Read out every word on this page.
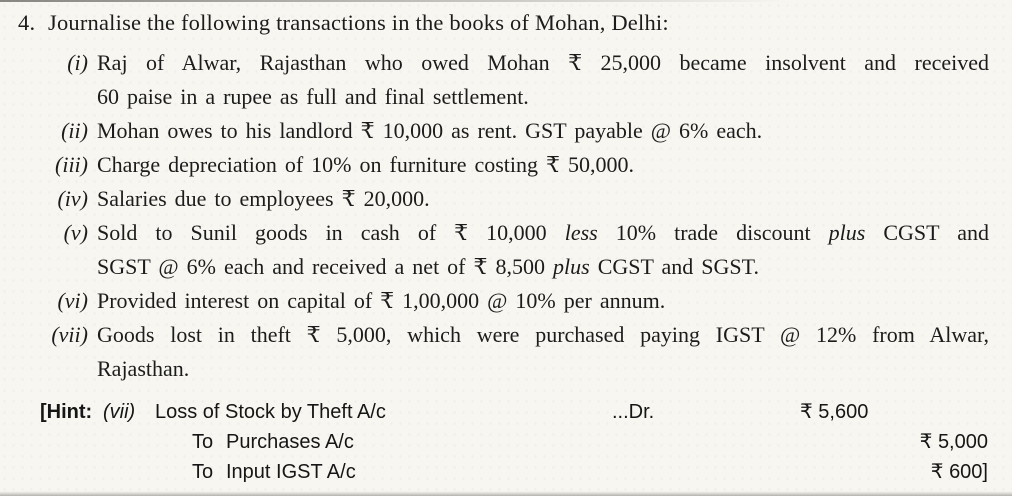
4. Journalise the following transactions in the books of Mohan, Delhi:
(i) Raj of Alwar, Rajasthan who owed Mohan ₹ 25,000 became insolvent and received
60 paise in a rupee as full and final settlement.
(ii) Mohan owes to his landlord ₹ 10,000 as rent. GST payable @ 6% each.
(iii) Charge depreciation of 10% on furniture costing ₹ 50,000.
(iv) Salaries due to employees ₹ 20,000.
(v) Sold to Sunil goods in cash of ₹ 10,000 less 10% trade discount plus CGST and
SGST @ 6% each and received a net of ₹ 8,500 plus CGST and SGST.
(vi) Provided interest on capital of ₹ 1,00,000 @ 10% per annum.
(vii) Goods lost in theft ₹ 5,000, which were purchased paying IGST @ 12% from Alwar,
Rajasthan.
[Hint: (vii) Loss of Stock by Theft A/c	...Dr.	₹ 5,600
To Purchases A/c	₹ 5,000
To Input IGST A/c	₹ 600]
